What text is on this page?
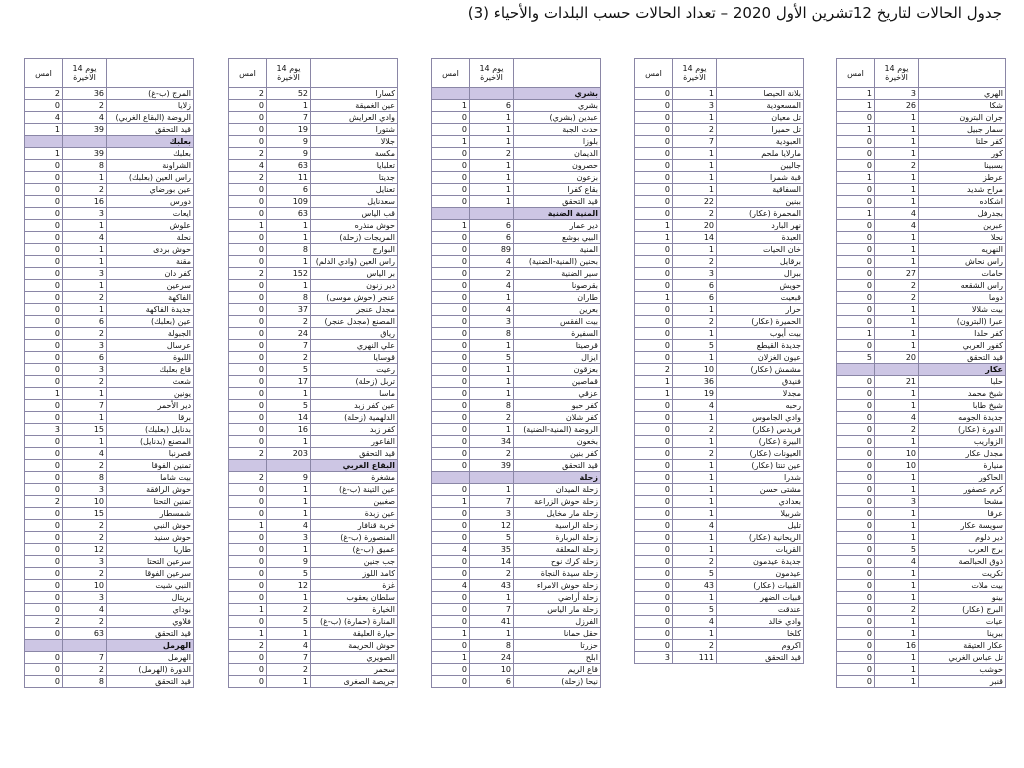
جدول الحالات لتاريخ 12تشرين الأول 2020 – تعداد الحالات حسب البلدات والأحياء (3)
امس	14 يوم الاخيرة	
2	36	المرج (ب-غ)
0	2	زلايا
4	4	الروضة (البقاع الغربي)
1	39	قيد التحقق
		بعلبك
1	39	بعلبك
0	8	الشراونة
0	1	راس العين (بعلبك)
0	2	عين بورضاي
0	16	دورس
0	3	ايعات
0	1	علوش
0	4	نحلة
0	1	حوش بردى
0	1	مقنة
0	3	كفر دان
0	1	سرعين
0	2	الفاكهة
0	1	جديدة الفاكهة
0	6	عين (بعلبك)
0	2	الجبولة
0	3	عرسال
0	6	اللبوة
0	3	قاع بعلبك
0	2	شعث
1	1	يونين
0	7	دير الأحمر
0	1	برقا
3	15	بدنايل (بعلبك)
0	1	المصنع (بدنايل)
0	4	قصرنبا
0	2	تمنين الفوقا
0	8	بيت شاما
0	3	حوش الرافقة
2	10	تمنين التحتا
0	15	شمسطار
0	2	حوش النبي
0	2	حوش سنيد
0	12	طاريا
0	3	سرعين التحتا
0	2	سرعين الفوقا
0	10	النبي شيت
0	3	بريتال
0	4	بوداي
2	2	فلاوي
0	63	قيد التحقق
		الهرمل
0	7	الهرمل
0	2	الدورة (الهرمل)
0	8	قيد التحقق
امس	14 يوم الاخيرة	
2	52	كسارا
0	1	عين الغميقة
0	7	وادي العرايش
0	19	شتورا
0	9	جلالا
2	9	مكسة
4	63	تعلبايا
2	11	جديتا
0	6	تعنايل
0	109	سعدنايل
0	63	قب الياس
1	1	حوش منذره
0	1	المريجات (زحلة)
0	8	البوارج
0	1	راس العين (وادي الدلم)
2	152	بر الياس
0	1	دير زنون
0	8	عنجر (حوش موسى)
0	37	مجدل عنجر
0	2	المصنع (مجدل عنجر)
0	24	رياق
0	7	علي النهري
0	2	قوسايا
0	5	رعيت
0	17	تربل (زحلة)
0	1	ماسا
0	5	عين كفر زبد
0	14	الدلهمية (زحلة)
0	16	كفر زبد
0	1	الفاعور
2	203	قيد التحقق
		البقاع الغربي
2	9	مشغرة
0	1	عين التينة (ب-غ)
0	1	صغبين
0	1	عين زبدة
1	4	خربة قنافار
0	3	المنصورة (ب-غ)
0	1	عميق (ب-غ)
0	9	جب جنين
0	5	كامد اللوز
0	12	غزة
0	1	سلطان يعقوب
1	2	الخيارة
0	5	المنارة (حمارة) (ب-غ)
1	1	حيارة العليقة
2	4	حوش الحريمة
0	7	الصويري
0	2	سحمر
0	1	جريصة الصغرى
امس	14 يوم الاخيرة	
		بشري
1	6	بشري
0	1	عبدين (بشري)
0	1	حدث الجبة
1	1	بلوزا
0	2	الديمان
0	1	حصرون
0	1	بزعون
0	1	بقاع كفرا
0	1	قيد التحقق
		المنية الضنية
1	6	دير عمار
0	6	البيي بوشع
0	89	المنية
0	4	بحنين (المنية-الضنية)
0	2	سير الضنية
0	4	بقرصونا
0	1	طاران
0	4	بعرين
0	3	بيت الفقس
0	8	السفيرة
0	1	قرصيتا
0	5	ايزال
0	1	بعزقون
0	1	قماصين
0	1	عزقي
0	8	كفر حبو
0	2	كفر شلان
0	1	الروضة (المنية-الضنية)
0	34	بخعون
0	2	كفر بنين
0	39	قيد التحقق
		زحلة
0	1	زحلة الميدان
1	7	زحلة حوش الزراعة
0	3	زحلة مار مخايل
0	12	زحلة الراسية
0	5	زحلة البربارة
4	35	زحلة المعلقة
0	14	زحلة كرك نوح
0	2	زحلة سيدة النجاة
4	43	زحلة حوش الامراء
0	1	زحلة أراضي
0	7	زحلة مار الياس
0	41	الفرزل
1	1	حقل حمانا
0	8	حزرتا
1	24	ابلح
0	10	قاع الريم
0	6	نيحا (زحلة)
امس	14 يوم الاخيرة	
0	1	بلانة الحيصا
0	3	المسعودية
0	1	تل معيان
0	2	تل حميرا
0	7	العبودية
0	1	مارلايا ملحم
0	1	جاليين
0	1	قبة شمرا
0	1	السفاقية
0	22	ببنين
0	2	المحمرة (عكار)
1	20	نهر البارد
1	14	العبدة
0	1	خان الحيات
0	2	برقايل
0	3	ببرال
0	6	حويش
1	6	قبعيت
0	1	حرار
0	2	الحميرة (عكار)
0	1	بيت أيوب
0	5	جديدة القيطع
0	1	عيون الغزلان
2	10	مشمش (عكار)
1	36	فنيدق
1	19	مجدلا
0	4	رحبه
0	1	وادي الجاموس
0	2	فريدس (عكار)
0	1	البيرة (عكار)
0	2	العيونات (عكار)
0	1	عين تنتا (عكار)
0	1	شدرا
0	1	مشتى حسن
0	1	بعدادي
0	1	شربيلا
0	4	تليل
0	1	الريحانية (عكار)
0	1	القريات
0	2	جديدة عيدمون
0	5	عيدمون
0	43	القبيات (عكار)
0	1	قبيات الضهر
0	5	عندقت
0	4	وادي خالد
0	1	كلخا
0	2	اكروم
3	111	قيد التحقق
امس	14 يوم الاخيرة	
1	3	الهري
1	26	شكا
0	1	جران البترون
1	1	سمار جبيل
0	1	كفر حلتا
0	1	كور
0	2	بسبينا
1	1	عرطز
0	1	مراح شديد
0	1	اشكاده
1	4	بجدرفل
0	4	عبرين
0	1	نحلا
0	1	النهريه
0	1	راس نحاش
0	27	حامات
0	2	راس الشقعه
0	2	دوما
0	1	بيت شلالا
0	1	عبرا (البترون)
1	1	كفر حلدا
0	1	كفور العربي
5	20	قيد التحقق
		عكار
0	21	حلبا
0	1	شيخ محمد
0	1	شيخ طابا
0	4	جديدة الجومه
0	2	الدورة (عكار)
0	1	الزواريب
0	10	مجدل عكار
0	10	منيارة
0	1	الحاكور
0	1	كرم عصفور
0	3	مشحا
0	1	عرقا
0	1	سويسة عكار
0	1	دير دلوم
0	5	برج العرب
0	4	ذوق الحبالصة
0	1	تكريت
0	1	بيت ملات
0	1	بينو
0	2	البرج (عكار)
0	1	عيات
0	1	ببرينا
0	16	عكار العتيقة
0	1	تل عباس الغربي
0	1	حوشب
0	1	قنبر
